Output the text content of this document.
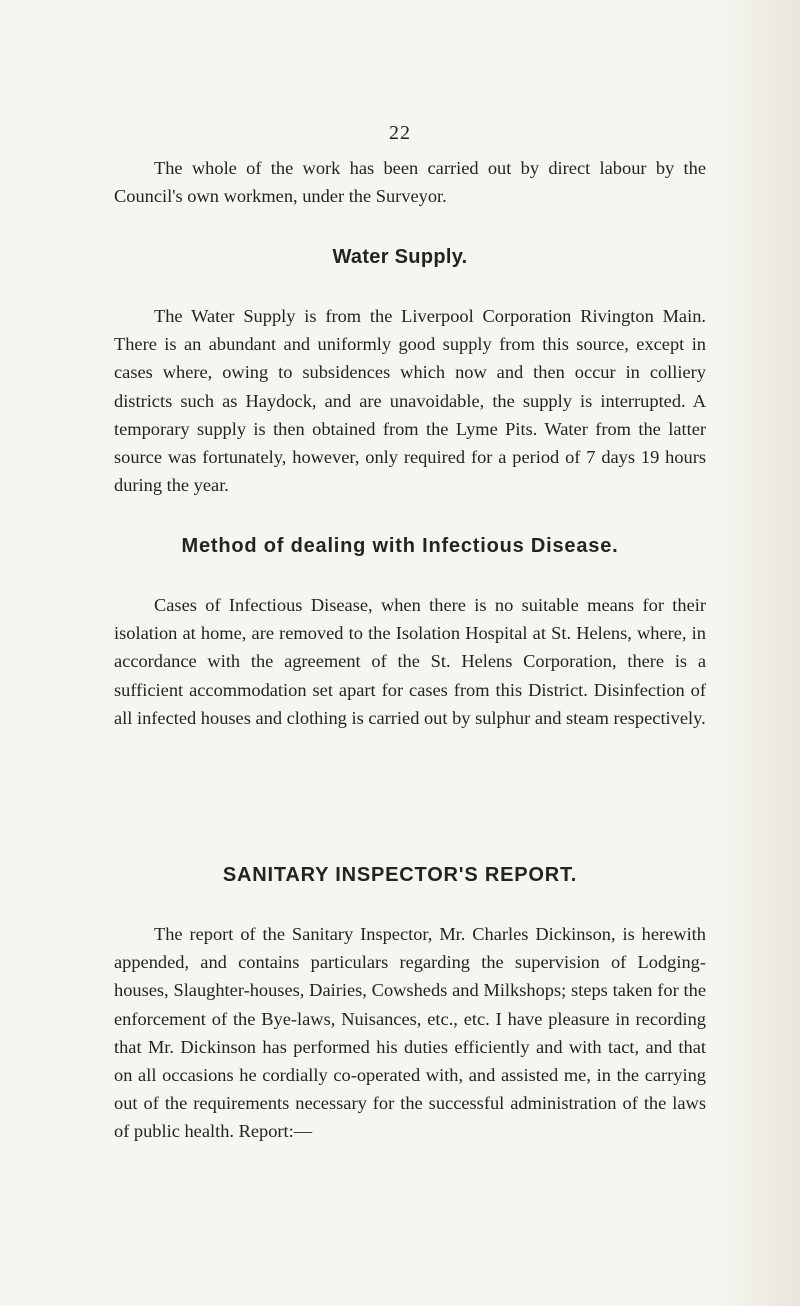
22

The whole of the work has been carried out by direct labour by the Council's own workmen, under the Surveyor.

Water Supply.

The Water Supply is from the Liverpool Corporation Rivington Main. There is an abundant and uniformly good supply from this source, except in cases where, owing to subsidences which now and then occur in colliery districts such as Haydock, and are unavoidable, the supply is interrupted. A temporary supply is then obtained from the Lyme Pits. Water from the latter source was fortunately, however, only required for a period of 7 days 19 hours during the year.

Method of dealing with Infectious Disease.

Cases of Infectious Disease, when there is no suitable means for their isolation at home, are removed to the Isolation Hospital at St. Helens, where, in accordance with the agreement of the St. Helens Corporation, there is a sufficient accommodation set apart for cases from this District. Disinfection of all infected houses and clothing is carried out by sulphur and steam respectively.

SANITARY INSPECTOR'S REPORT.

The report of the Sanitary Inspector, Mr. Charles Dickinson, is herewith appended, and contains particulars regarding the supervision of Lodging-houses, Slaughter-houses, Dairies, Cowsheds and Milkshops; steps taken for the enforcement of the Bye-laws, Nuisances, etc., etc. I have pleasure in recording that Mr. Dickinson has performed his duties efficiently and with tact, and that on all occasions he cordially co-operated with, and assisted me, in the carrying out of the requirements necessary for the successful administration of the laws of public health. Report:—
